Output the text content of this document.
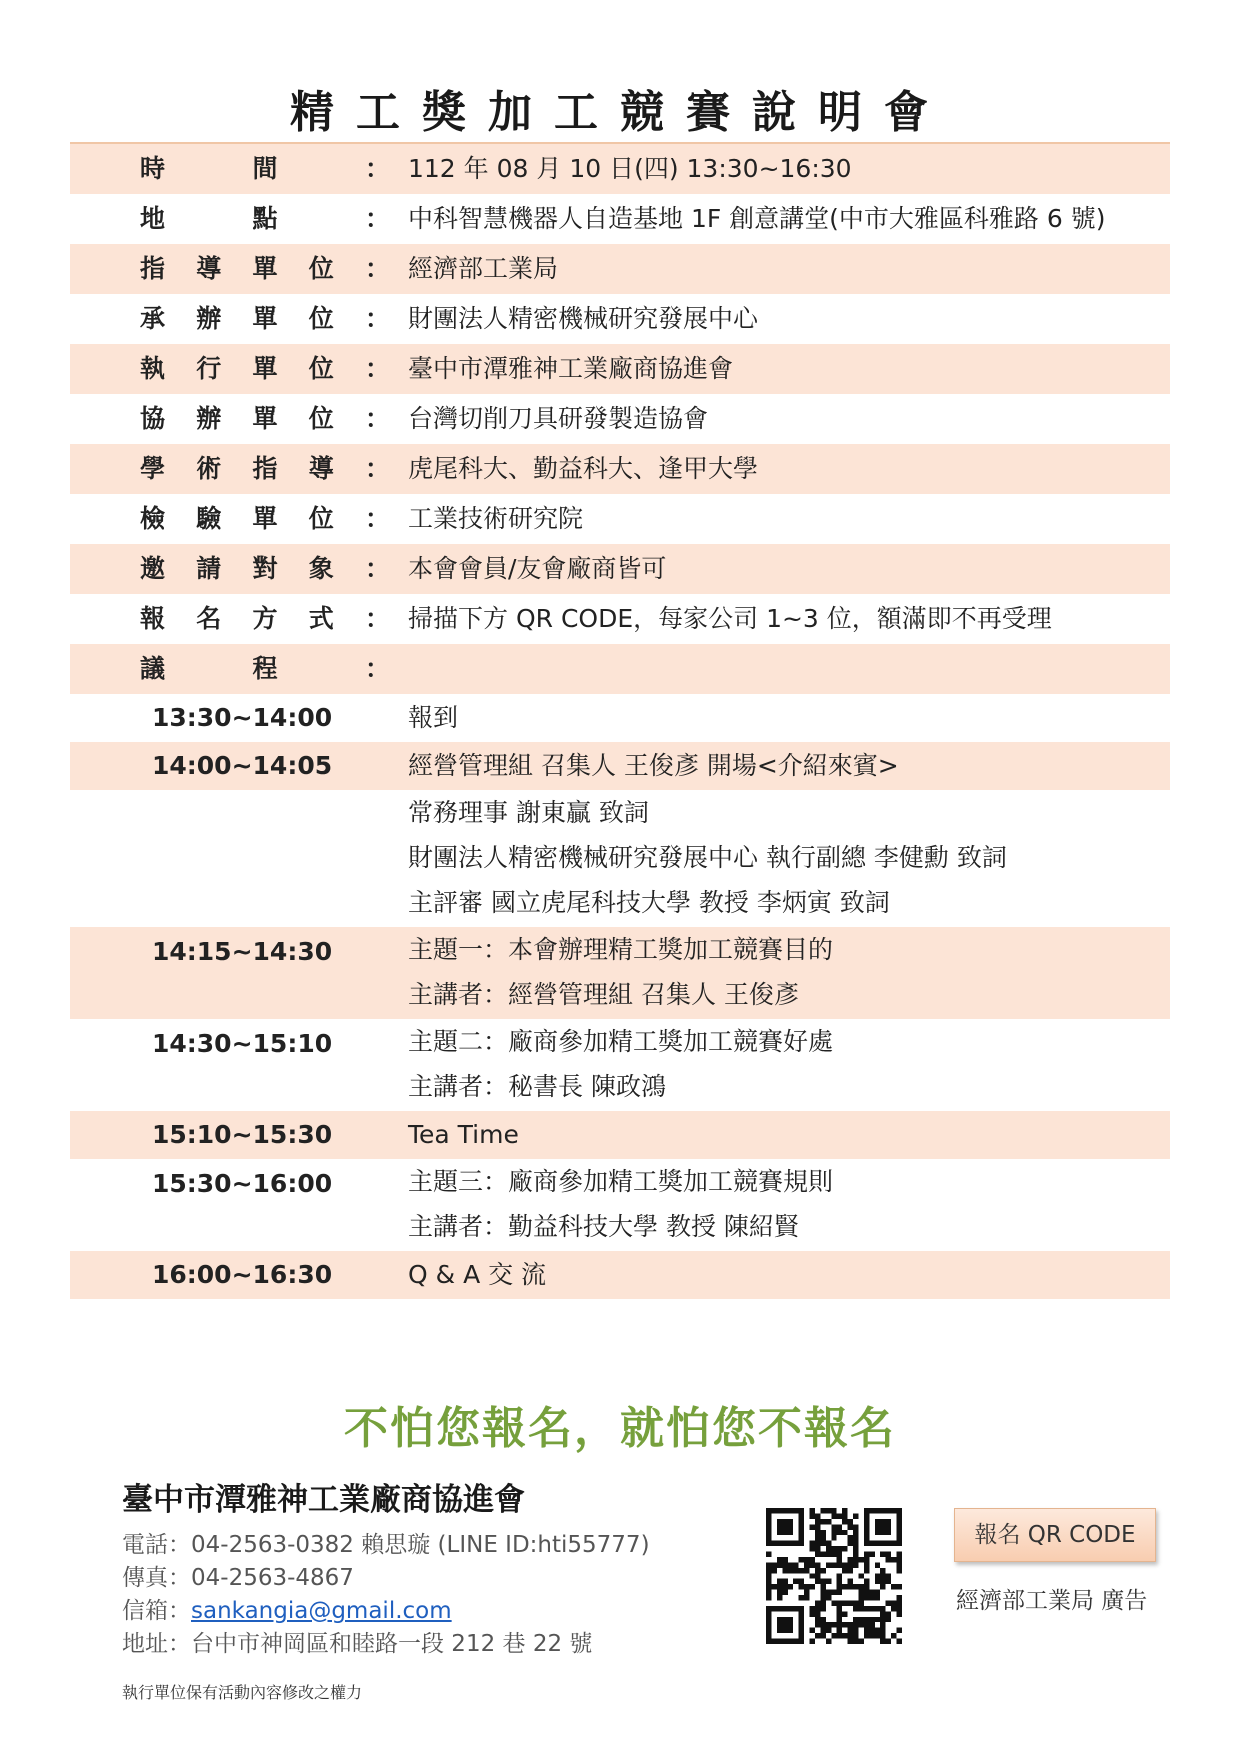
精工獎加工競賽說明會
時	間	： 112 年 08 月 10 日(四) 13:30~16:30
地	點	： 中科智慧機器人自造基地 1F 創意講堂(中市大雅區科雅路 6 號)
指 導 單 位 ： 經濟部工業局
承 辦 單 位 ： 財團法人精密機械研究發展中心
執 行 單 位 ： 臺中市潭雅神工業廠商協進會
協 辦 單 位 ： 台灣切削刀具研發製造協會
學 術 指 導 ： 虎尾科大、勤益科大、逢甲大學
檢 驗 單 位 ： 工業技術研究院
邀 請 對 象 ： 本會會員/友會廠商皆可
報 名 方 式 ： 掃描下方 QR CODE，每家公司 1~3 位，額滿即不再受理
議	程	：
13:30~14:00	報到
14:00~14:05	經營管理組 召集人 王俊彥 開場<介紹來賓>
常務理事 謝東贏 致詞
財團法人精密機械研究發展中心 執行副總 李健勳 致詞
主評審 國立虎尾科技大學 教授 李炳寅 致詞
14:15~14:30	主題一：本會辦理精工獎加工競賽目的
主講者：經營管理組 召集人 王俊彥
14:30~15:10	主題二：廠商參加精工獎加工競賽好處
主講者：秘書長 陳政鴻
15:10~15:30	Tea Time
15:30~16:00	主題三：廠商參加精工獎加工競賽規則
主講者：勤益科技大學 教授 陳紹賢
16:00~16:30	Q & A 交 流
不怕您報名，就怕您不報名
臺中市潭雅神工業廠商協進會
電話：04-2563-0382 賴思璇 (LINE ID:hti55777)
傳真：04-2563-4867
信箱：sankangia@gmail.com
地址：台中市神岡區和睦路一段 212 巷 22 號
執行單位保有活動內容修改之權力
報名 QR CODE
經濟部工業局 廣告
